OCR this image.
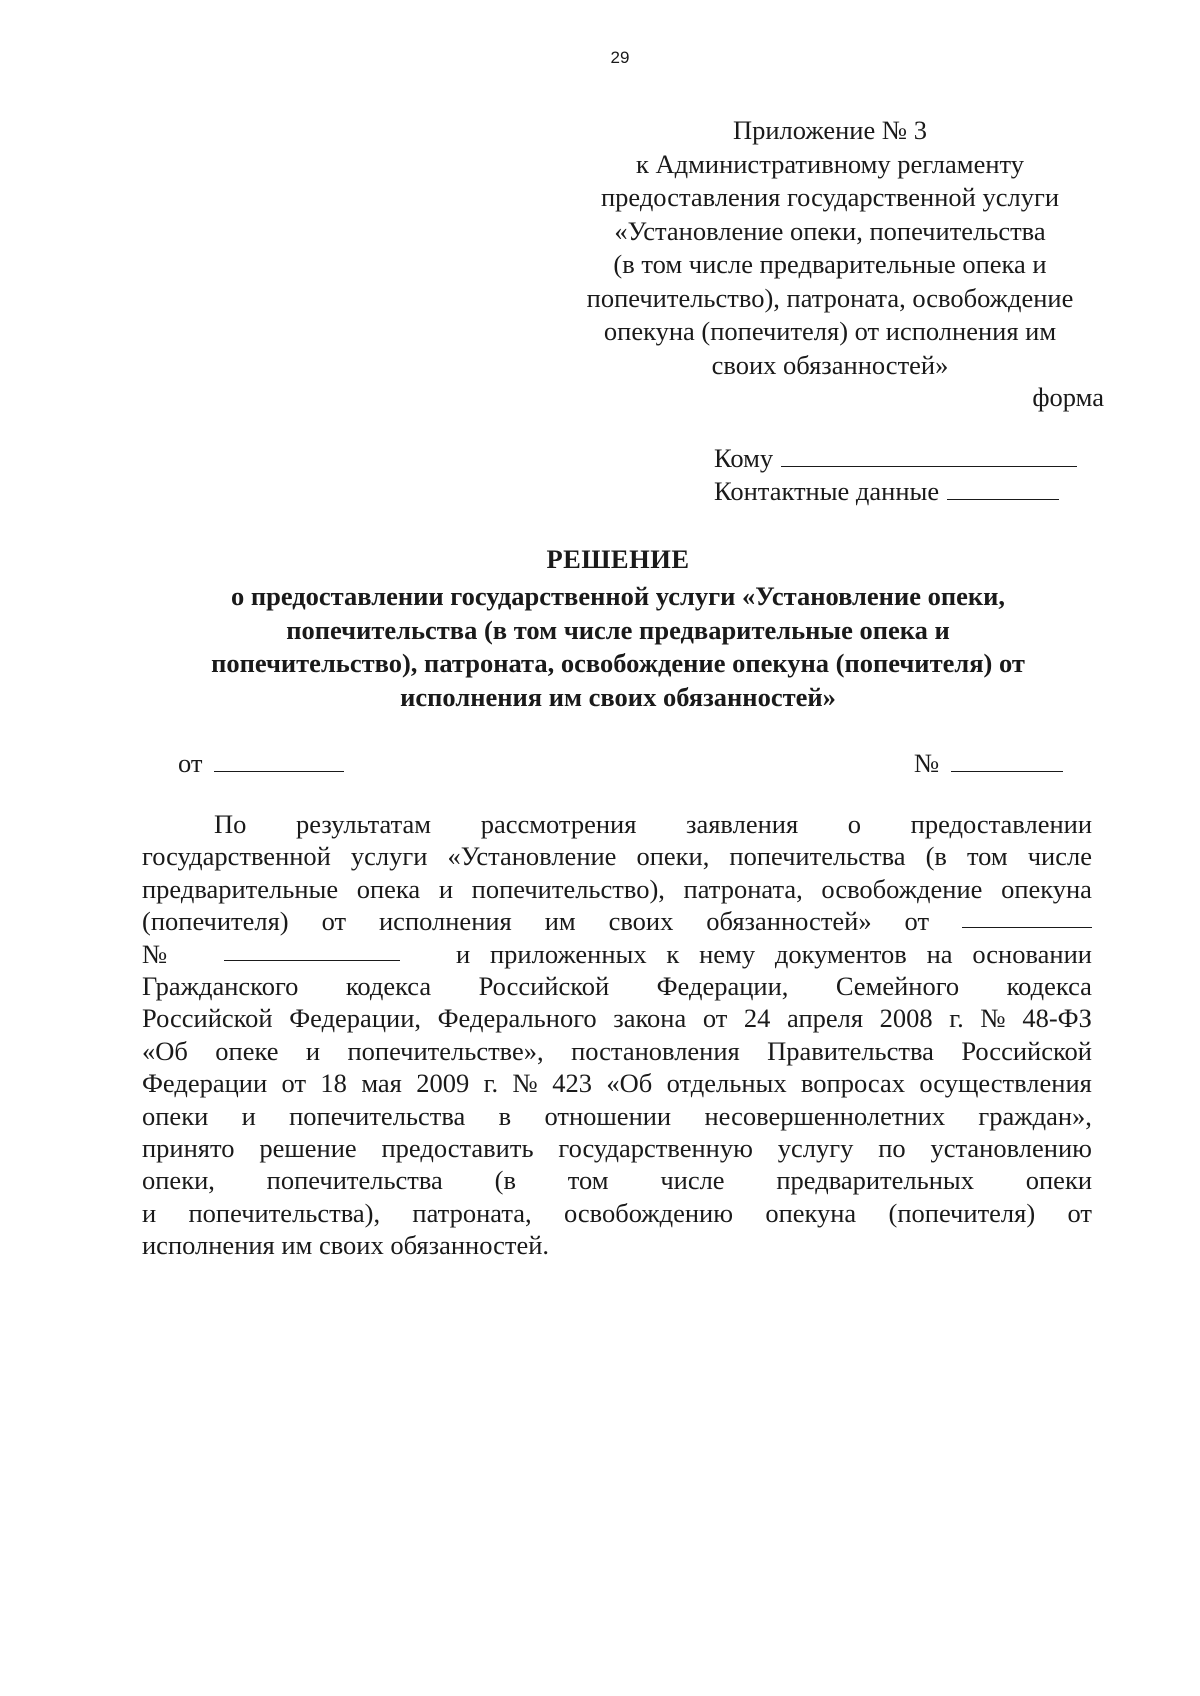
29
Приложение № 3
к Административному регламенту
предоставления государственной услуги
«Установление опеки, попечительства
(в том числе предварительные опека и
попечительство), патроната, освобождение
опекуна (попечителя) от исполнения им
своих обязанностей»
форма
Кому
Контактные данные
РЕШЕНИЕ
о предоставлении государственной услуги «Установление опеки,
попечительства (в том числе предварительные опека и
попечительство), патроната, освобождение опекуна (попечителя) от
исполнения им своих обязанностей»
от	№
По результатам рассмотрения заявления о предоставлении
государственной услуги «Установление опеки, попечительства (в том числе
предварительные опека и попечительство), патроната, освобождение опекуна
(попечителя) от исполнения им своих обязанностей» от
№	и приложенных к нему документов на основании
Гражданского кодекса Российской Федерации, Семейного кодекса
Российской Федерации, Федерального закона от 24 апреля 2008 г. № 48-ФЗ
«Об опеке и попечительстве», постановления Правительства Российской
Федерации от 18 мая 2009 г. № 423 «Об отдельных вопросах осуществления
опеки и попечительства в отношении несовершеннолетних граждан»,
принято решение предоставить государственную услугу по установлению
опеки, попечительства (в том числе предварительных опеки
и попечительства), патроната, освобождению опекуна (попечителя) от
исполнения им своих обязанностей.
